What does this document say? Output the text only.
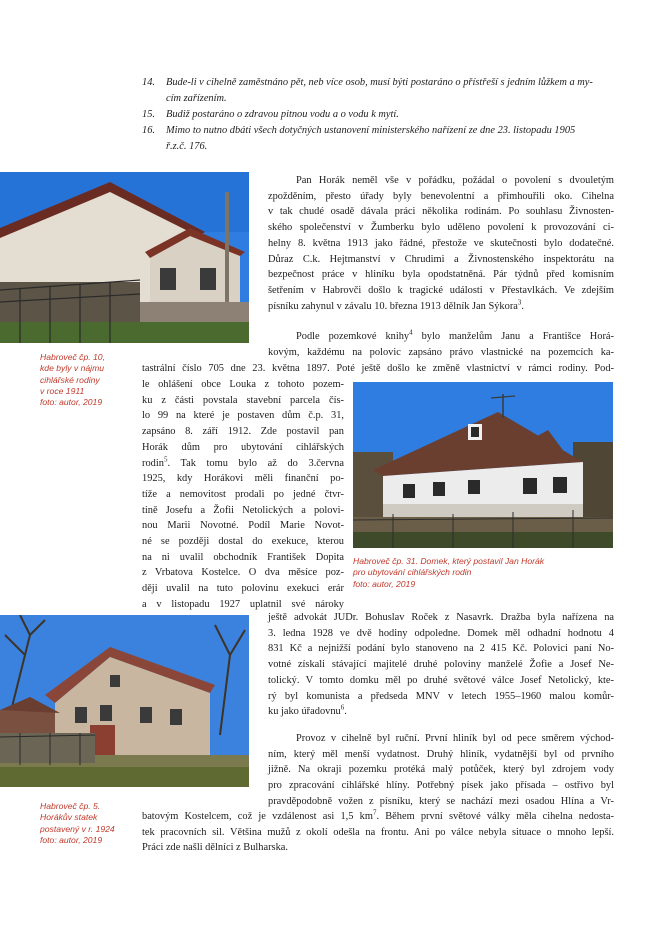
14. Bude-li v cihelně zaměstnáno pět, neb více osob, musí býti postaráno o přístřeší s jedním lůžkem a my-
cím zařízením.
15. Budiž postaráno o zdravou pitnou vodu a o vodu k mytí.
16. Mimo to nutno dbáti všech dotyčných ustanovení ministerského nařízení ze dne 23. listopadu 1905
ř.z.č. 176.
Habroveč čp. 10,
kde byly v nájmu
cihlářské rodiny
v roce 1911
foto: autor, 2019
Pan Horák neměl vše v pořádku, požádal o povolení s dvouletým
zpožděním, přesto úřady byly benevolentní a přimhouřili oko. Cihelna
v tak chudé osadě dávala práci několika rodinám. Po souhlasu Živnosten-
ského společenství v Žumberku bylo uděleno povolení k provozování ci-
helny 8. května 1913 jako řádné, přestože ve skutečnosti bylo dodatečné.
Důraz C.k. Hejtmanství v Chrudimi a Živnostenského inspektorátu na
bezpečnost práce v hliníku byla opodstatněná. Pár týdnů před komisním
šetřením v Habrovči došlo k tragické události v Přestavlkách. Ve zdejším
písníku zahynul v závalu 10. března 1913 dělník Jan Sýkora$^3$.
Podle pozemkové knihy$^4$ bylo manželům Janu a Františce Horá-
kovým, každému na polovic zapsáno právo vlastnické na pozemcích ka-
tastrální číslo 705 dne 23. května 1897. Poté ještě došlo ke změně vlastnictví v rámci rodiny. Pod-
le ohlášení obce Louka z tohoto pozem-
ku z části povstala stavební parcela čís-
lo 99 na které je postaven dům č.p. 31,
zapsáno 8. září 1912. Zde postavil pan
Horák dům pro ubytování cihlářských
rodin$^5$. Tak tomu bylo až do 3.června
1925, kdy Horákovi měli finanční po-
tíže a nemovitost prodali po jedné čtvr-
tině Josefu a Žofii Netolických a polovi-
nou Marii Novotné. Podíl Marie Novot-
né se později dostal do exekuce, kterou
na ni uvalil obchodník František Dopita
z Vrbatova Kostelce. O dva měsíce poz-
ději uvalil na tuto polovinu exekuci erár
a v listopadu 1927 uplatnil své nároky
Habroveč čp. 31. Domek, který postavil Jan Horák
pro ubytování cihlářských rodin
foto: autor, 2019
ještě advokát JUDr. Bohuslav Roček z Nasavrk. Dražba byla nařízena na
3. ledna 1928 ve dvě hodiny odpoledne. Domek měl odhadní hodnotu 4
831 Kč a nejnižší podání bylo stanoveno na 2 415 Kč. Polovici paní No-
votné získali stávající majitelé druhé poloviny manželé Žofie a Josef Ne-
tolický. V tomto domku měl po druhé světové válce Josef Netolický, kte-
rý byl komunista a předseda MNV v letech 1955–1960 malou komůr-
ku jako úřadovnu$^6$.
Provoz v cihelně byl ruční. První hliník byl od pece směrem východ-
ním, který měl menší vydatnost. Druhý hliník, vydatnější byl od prvního
jižně. Na okraji pozemku protéká malý potůček, který byl zdrojem vody
pro zpracování cihlářské hlíny. Potřebný písek jako přísada – ostřivo byl
pravděpodobně vožen z písníku, který se nachází mezi osadou Hlína a Vr-
Habroveč čp. 5.
Horákův statek
postavený v r. 1924
foto: autor, 2019
batovým Kostelcem, což je vzdálenost asi 1,5 $km^7$. Během první světové války měla cihelna nedosta-
tek pracovních sil. Většina mužů z okolí odešla na frontu. Ani po válce nebyla situace o mnoho lepší.
Práci zde našli dělníci z Bulharska.
